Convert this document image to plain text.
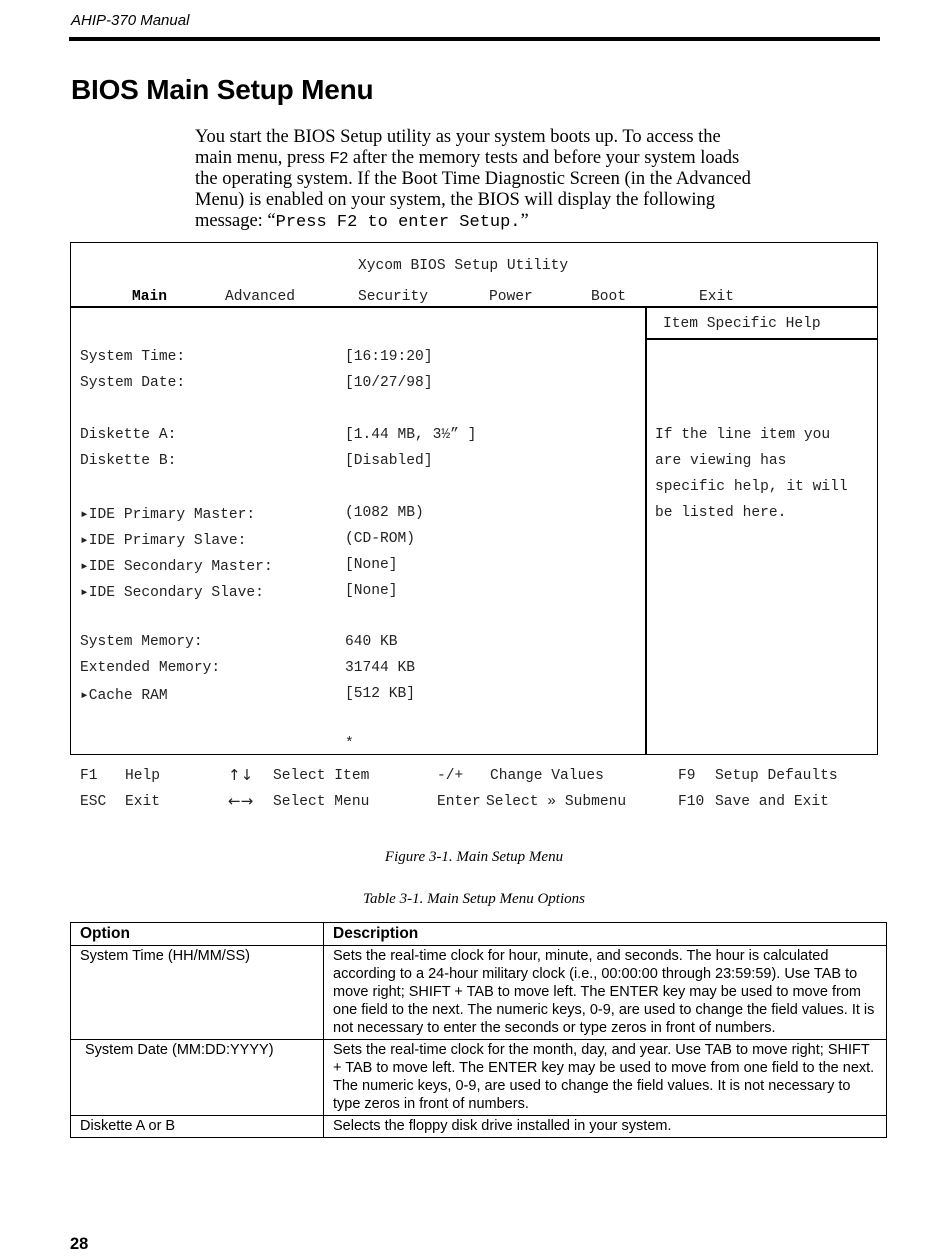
AHIP-370 Manual
BIOS Main Setup Menu
You start the BIOS Setup utility as your system boots up. To access the main menu, press F2 after the memory tests and before your system loads the operating system. If the Boot Time Diagnostic Screen (in the Advanced Menu) is enabled on your system, the BIOS will display the following message: “Press F2 to enter Setup.”
Xycom BIOS Setup Utility
Main	Advanced	Security	Power	Boot	Exit
Item Specific Help
If the line item you
are viewing has
specific help, it will
be listed here.
System Time:	[16:19:20]
System Date:	[10/27/98]
Diskette A:	[1.44 MB, 3½” ]
Diskette B:	[Disabled]
▸IDE Primary Master:	(1082 MB)
▸IDE Primary Slave:	(CD-ROM)
▸IDE Secondary Master:	[None]
▸IDE Secondary Slave:	[None]
System Memory:	640 KB
Extended Memory:	31744 KB
▸Cache RAM	[512 KB]
*
F1 Help	↑↓ Select Item	-/+ Change Values	F9 Setup Defaults
ESC Exit	←→ Select Menu	Enter Select » Submenu	F10 Save and Exit
Figure 3-1. Main Setup Menu
Table 3-1. Main Setup Menu Options
Option	Description
System Time (HH/MM/SS)	Sets the real-time clock for hour, minute, and seconds. The hour is calculated according to a 24-hour military clock (i.e., 00:00:00 through 23:59:59). Use TAB to move right; SHIFT + TAB to move left. The ENTER key may be used to move from one field to the next. The numeric keys, 0-9, are used to change the field values. It is not necessary to enter the seconds or type zeros in front of numbers.
System Date (MM:DD:YYYY)	Sets the real-time clock for the month, day, and year. Use TAB to move right; SHIFT + TAB to move left. The ENTER key may be used to move from one field to the next. The numeric keys, 0-9, are used to change the field values. It is not necessary to type zeros in front of numbers.
Diskette A or B	Selects the floppy disk drive installed in your system.
28
